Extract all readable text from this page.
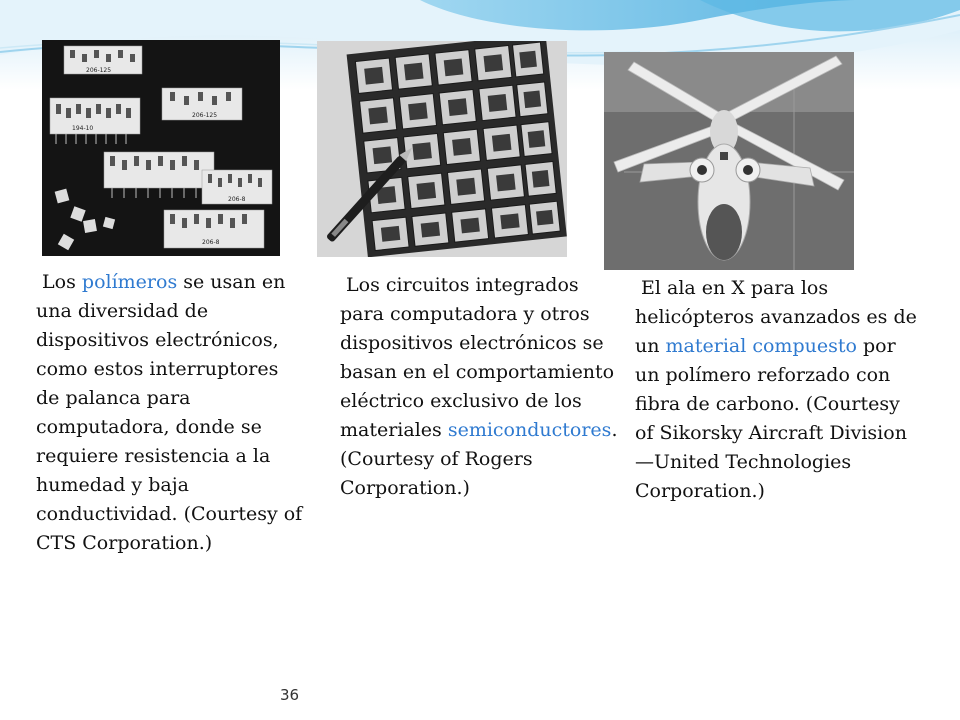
206-125
206-125
194-10
206-8
206-8
Los polímeros se usan en una diversidad de dispositivos electrónicos, como estos interruptores de palanca para computadora, donde se requiere resistencia a la humedad y baja conductividad. (Courtesy of CTS Corporation.)
Los circuitos integrados para computadora y otros dispositivos electrónicos se basan en el comportamiento eléctrico exclusivo de los materiales semiconductores. (Courtesy of Rogers Corporation.)
El ala en X para los helicópteros avanzados es de un material compuesto por un polímero reforzado con fibra de carbono. (Courtesy of Sikorsky Aircraft Division—United Technologies Corporation.)
36
